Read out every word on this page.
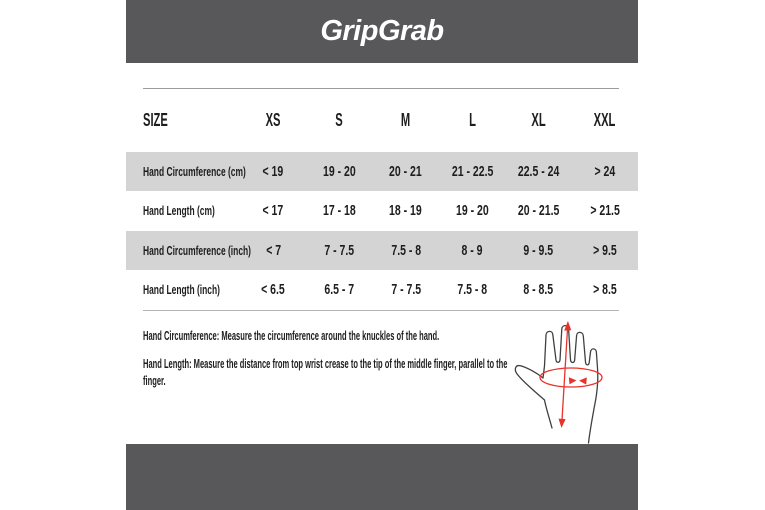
GripGrab
SIZE	XS	S	M	L	XL	XXL
Hand Circumference (cm)	< 19	19 - 20	20 - 21	21 - 22.5	22.5 - 24	> 24
Hand Length (cm)	< 17	17 - 18	18 - 19	19 - 20	20 - 21.5	> 21.5
Hand Circumference (inch) < 7	7 - 7.5	7.5 - 8	8 - 9	9 - 9.5	> 9.5
Hand Length (inch)	< 6.5	6.5 - 7	7 - 7.5	7.5 - 8	8 - 8.5	> 8.5

Hand Circumference: Measure the circumference around the knuckles of the hand.

Hand Length: Measure the distance from top wrist crease to the tip of the middle finger, parallel to the finger.
